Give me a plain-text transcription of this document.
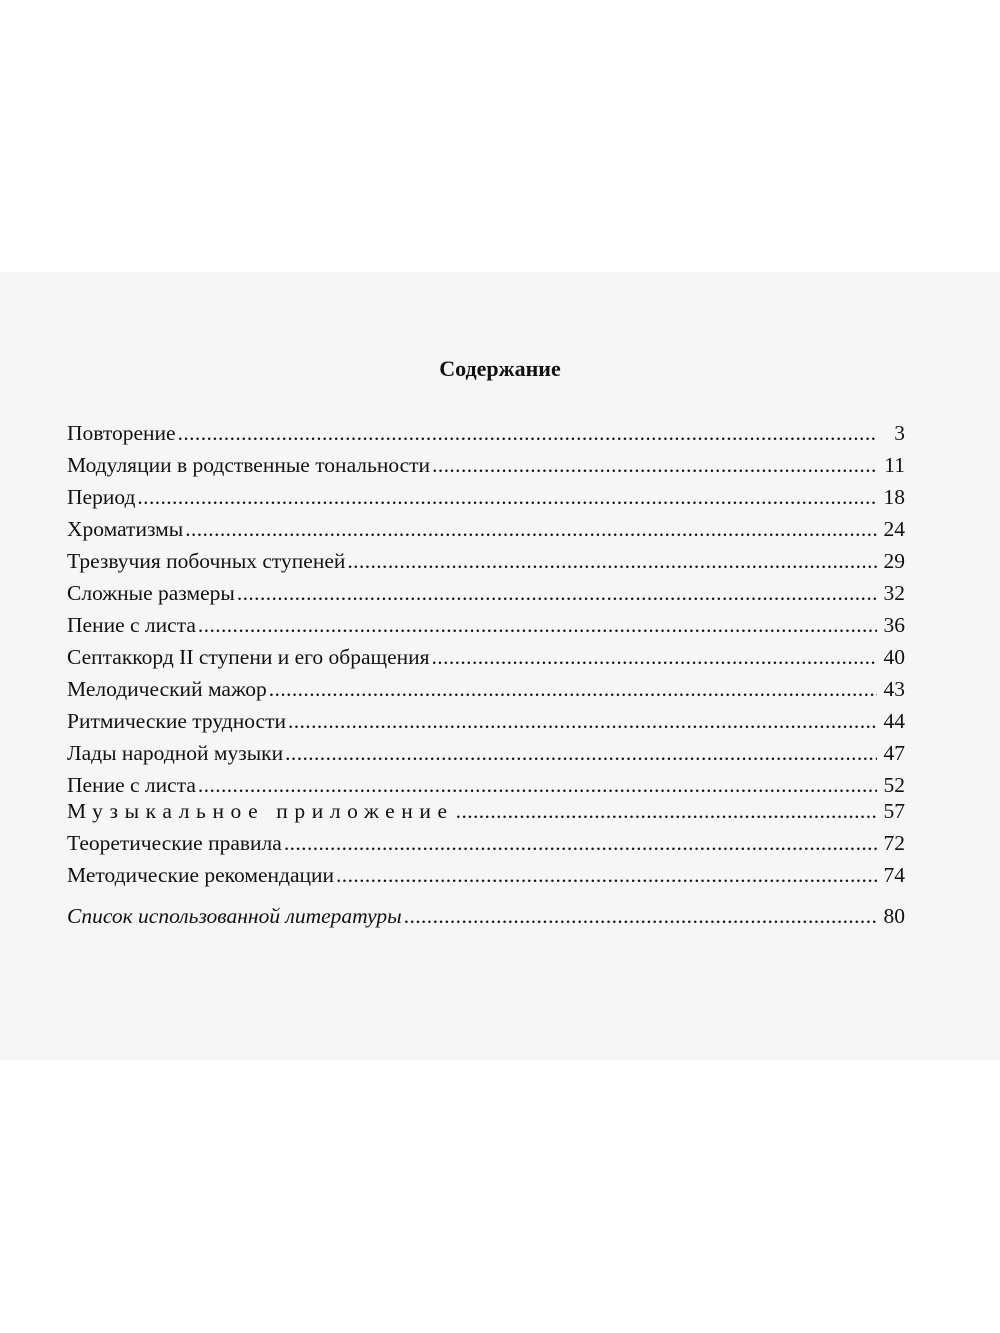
Содержание
Повторение .....	3
Модуляции в родственные тональности .....	11
Период .....	18
Хроматизмы .....	24
Трезвучия побочных ступеней .....	29
Сложные размеры .....	32
Пение с листа .....	36
Септаккорд II ступени и его обращения .....	40
Мелодический мажор .....	43
Ритмические трудности .....	44
Лады народной музыки .....	47
Пение с листа .....	52
Музыкальное приложение .....	57
Теоретические правила .....	72
Методические рекомендации .....	74
Список использованной литературы .....	80
